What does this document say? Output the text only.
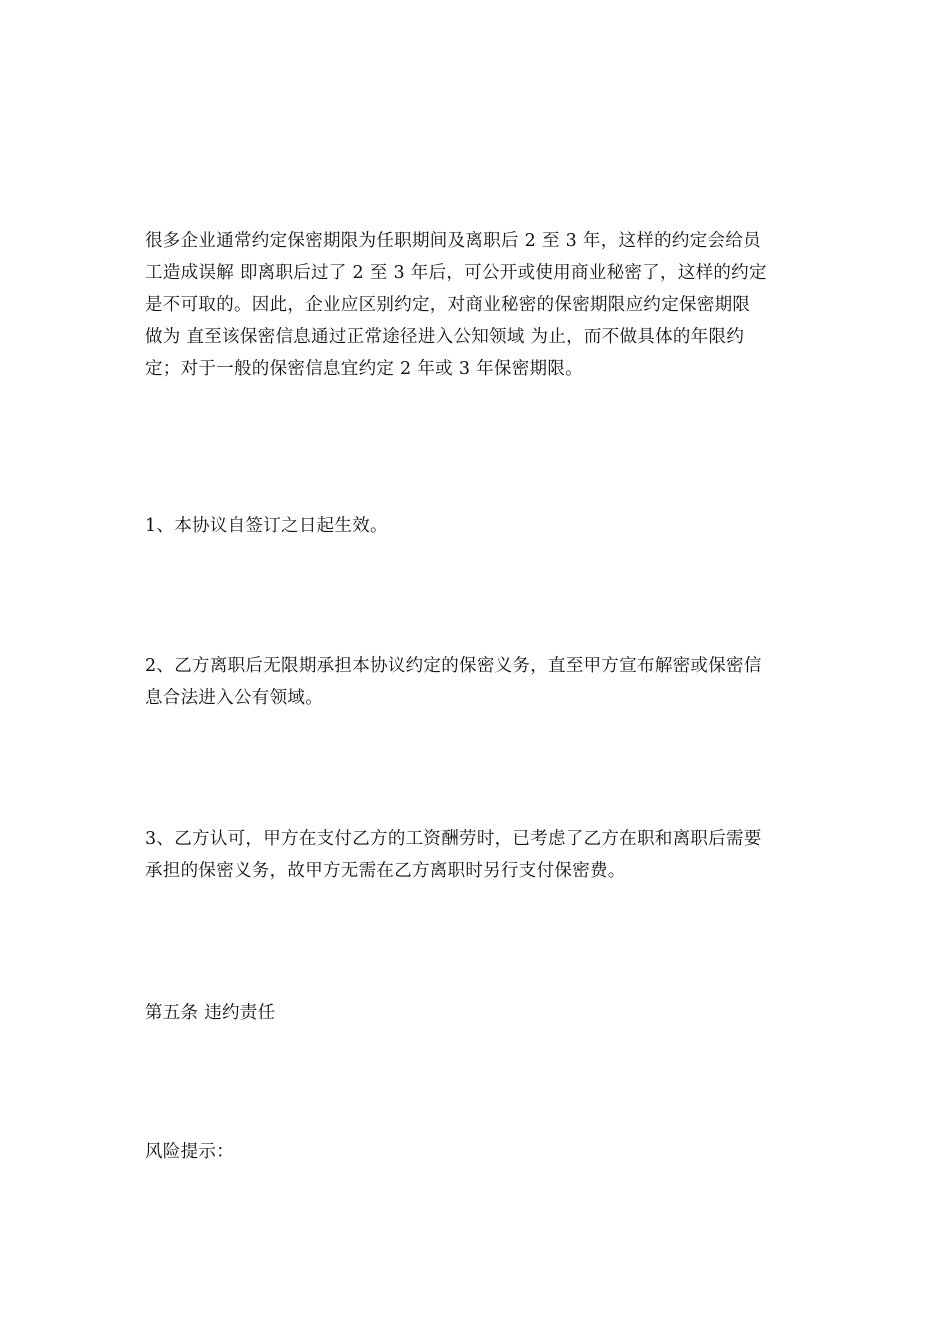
很多企业通常约定保密期限为任职期间及离职后 2 至 3 年，这样的约定会给员
工造成误解 即离职后过了 2 至 3 年后，可公开或使用商业秘密了，这样的约定
是不可取的。因此，企业应区别约定，对商业秘密的保密期限应约定保密期限
做为 直至该保密信息通过正常途径进入公知领域 为止，而不做具体的年限约
定；对于一般的保密信息宜约定 2 年或 3 年保密期限。
1、本协议自签订之日起生效。
2、乙方离职后无限期承担本协议约定的保密义务，直至甲方宣布解密或保密信
息合法进入公有领域。
3、乙方认可，甲方在支付乙方的工资酬劳时，已考虑了乙方在职和离职后需要
承担的保密义务，故甲方无需在乙方离职时另行支付保密费。
第五条 违约责任
风险提示：
